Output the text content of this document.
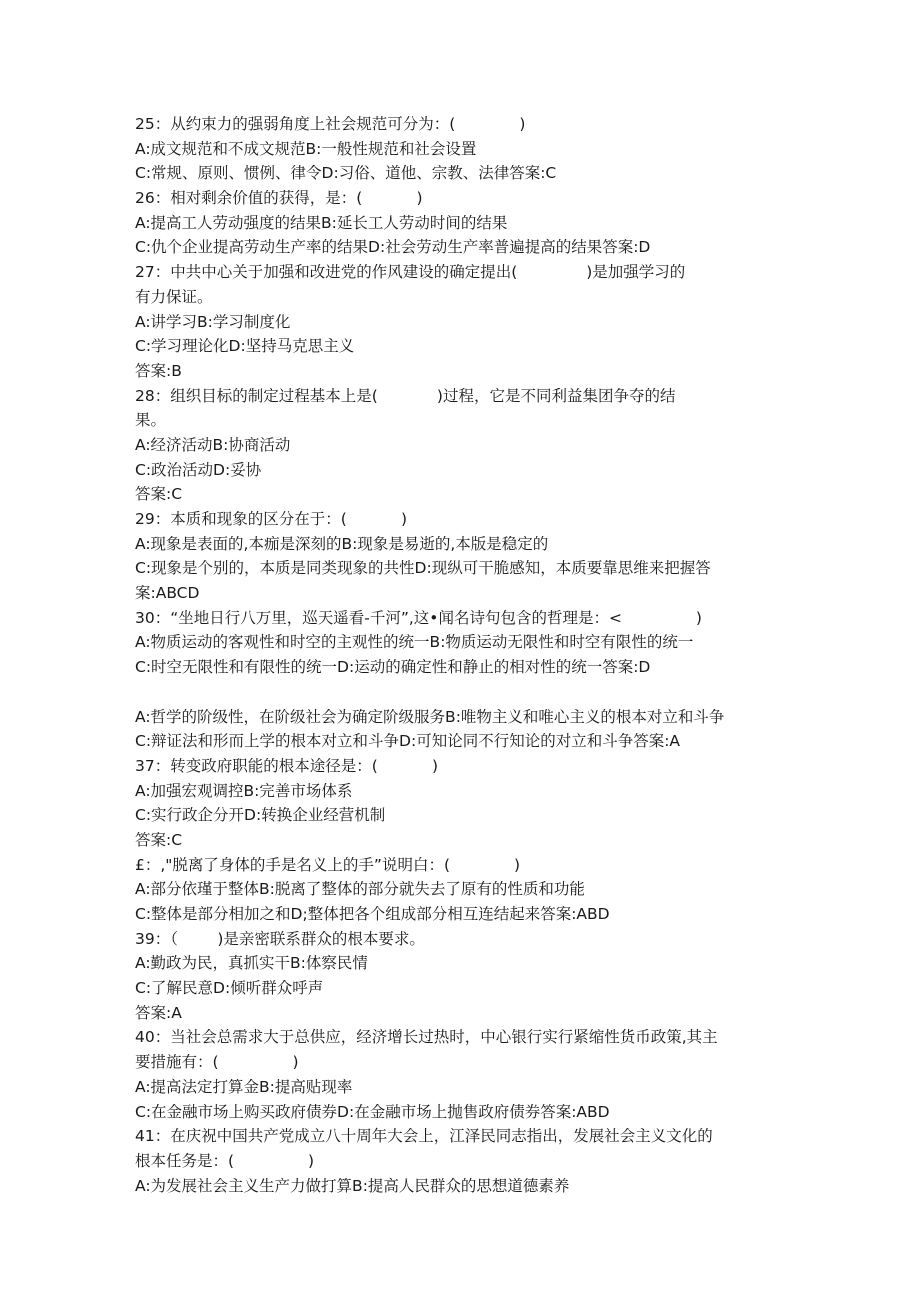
25：从约束力的强弱角度上社会规范可分为：(             )
A:成文规范和不成文规范B:一般性规范和社会设置
C:常规、原则、惯例、律令D:习俗、道他、宗教、法律答案:C
26：相对剩余价值的获得，是：(           )
A:提高工人劳动强度的结果B:延长工人劳动时间的结果
C:仇个企业提高劳动生产率的结果D:社会劳动生产率普遍提高的结果答案:D
27：中共中心关于加强和改进党的作风建设的确定提出(              )是加强学习的
有力保证。
A:讲学习B:学习制度化
C:学习理论化D:坚持马克思主义
答案:B
28：组织目标的制定过程基本上是(            )过程，它是不同利益集团争夺的结
果。
A:经济活动B:协商活动
C:政治活动D:妥协
答案:C
29：本质和现象的区分在于：(           )
A:现象是表面的,本痂是深刻的B:现象是易逝的,本版是稳定的
C:现象是个别的，本质是同类现象的共性D:现纵可干脆感知，本质要靠思维来把握答
案:ABCD
30：“坐地日行八万里，巡天遥看-千河”,这•闻名诗句包含的哲理是：<               )
A:物质运动的客观性和时空的主观性的统一B:物质运动无限性和时空有限性的统一
C:时空无限性和有限性的统一D:运动的确定性和静止的相对性的统一答案:D
A:哲学的阶级性，在阶级社会为确定阶级服务B:唯物主义和唯心主义的根本对立和斗争
C:辩证法和形而上学的根本对立和斗争D:可知论同不行知论的对立和斗争答案:A
37：转变政府职能的根本途径是：(           )
A:加强宏观调控B:完善市场体系
C:实行政企分开D:转换企业经营机制
答案:C
£：,"脱离了身体的手是名义上的手”说明白：(             )
A:部分依瑾于整体B:脱离了整体的部分就失去了原有的性质和功能
C:整体是部分相加之和D;整体把各个组成部分相互连结起来答案:ABD
39：（        )是亲密联系群众的根本要求。
A:勤政为民，真抓实干B:体察民情
C:了解民意D:倾听群众呼声
答案:A
40：当社会总需求大于总供应，经济增长过热时，中心银行实行紧缩性货币政策,其主
要措施有：(               )
A:提高法定打算金B:提高贴现率
C:在金融市场上购买政府债券D:在金融市场上抛售政府债券答案:ABD
41：在庆祝中国共产党成立八十周年大会上，江泽民同志指出，发展社会主义文化的
根本任务是：(               )
A:为发展社会主义生产力做打算B:提高人民群众的思想道德素养
